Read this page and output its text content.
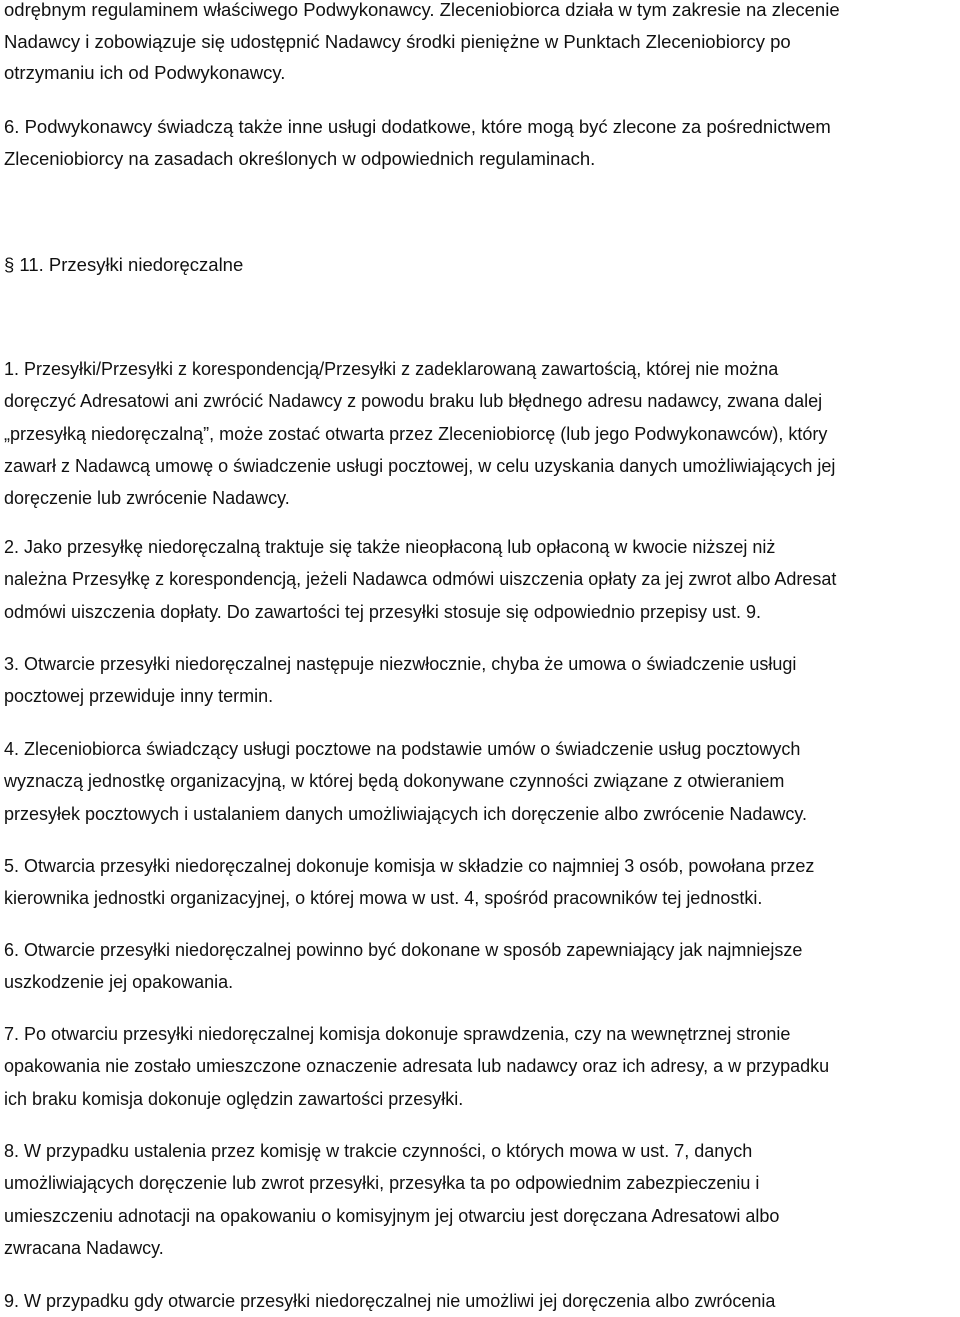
odrębnym regulaminem właściwego Podwykonawcy. Zleceniobiorca działa w tym zakresie na zlecenie
Nadawcy i zobowiązuje się udostępnić Nadawcy środki pieniężne w Punktach Zleceniobiorcy po
otrzymaniu ich od Podwykonawcy.
6. Podwykonawcy świadczą także inne usługi dodatkowe, które mogą być zlecone za pośrednictwem
Zleceniobiorcy na zasadach określonych w odpowiednich regulaminach.
§ 11. Przesyłki niedoręczalne
1. Przesyłki/Przesyłki z korespondencją/Przesyłki z zadeklarowaną zawartością, której nie można
doręczyć Adresatowi ani zwrócić Nadawcy z powodu braku lub błędnego adresu nadawcy, zwana dalej
„przesyłką niedoręczalną”, może zostać otwarta przez Zleceniobiorcę (lub jego Podwykonawców), który
zawarł z Nadawcą umowę o świadczenie usługi pocztowej, w celu uzyskania danych umożliwiających jej
doręczenie lub zwrócenie Nadawcy.
2. Jako przesyłkę niedoręczalną traktuje się także nieopłaconą lub opłaconą w kwocie niższej niż
należna Przesyłkę z korespondencją, jeżeli Nadawca odmówi uiszczenia opłaty za jej zwrot albo Adresat
odmówi uiszczenia dopłaty. Do zawartości tej przesyłki stosuje się odpowiednio przepisy ust. 9.
3. Otwarcie przesyłki niedoręczalnej następuje niezwłocznie, chyba że umowa o świadczenie usługi
pocztowej przewiduje inny termin.
4. Zleceniobiorca świadczący usługi pocztowe na podstawie umów o świadczenie usług pocztowych
wyznaczą jednostkę organizacyjną, w której będą dokonywane czynności związane z otwieraniem
przesyłek pocztowych i ustalaniem danych umożliwiających ich doręczenie albo zwrócenie Nadawcy.
5. Otwarcia przesyłki niedoręczalnej dokonuje komisja w składzie co najmniej 3 osób, powołana przez
kierownika jednostki organizacyjnej, o której mowa w ust. 4, spośród pracowników tej jednostki.
6. Otwarcie przesyłki niedoręczalnej powinno być dokonane w sposób zapewniający jak najmniejsze
uszkodzenie jej opakowania.
7. Po otwarciu przesyłki niedoręczalnej komisja dokonuje sprawdzenia, czy na wewnętrznej stronie
opakowania nie zostało umieszczone oznaczenie adresata lub nadawcy oraz ich adresy, a w przypadku
ich braku komisja dokonuje oględzin zawartości przesyłki.
8. W przypadku ustalenia przez komisję w trakcie czynności, o których mowa w ust. 7, danych
umożliwiających doręczenie lub zwrot przesyłki, przesyłka ta po odpowiednim zabezpieczeniu i
umieszczeniu adnotacji na opakowaniu o komisyjnym jej otwarciu jest doręczana Adresatowi albo
zwracana Nadawcy.
9. W przypadku gdy otwarcie przesyłki niedoręczalnej nie umożliwi jej doręczenia albo zwrócenia
